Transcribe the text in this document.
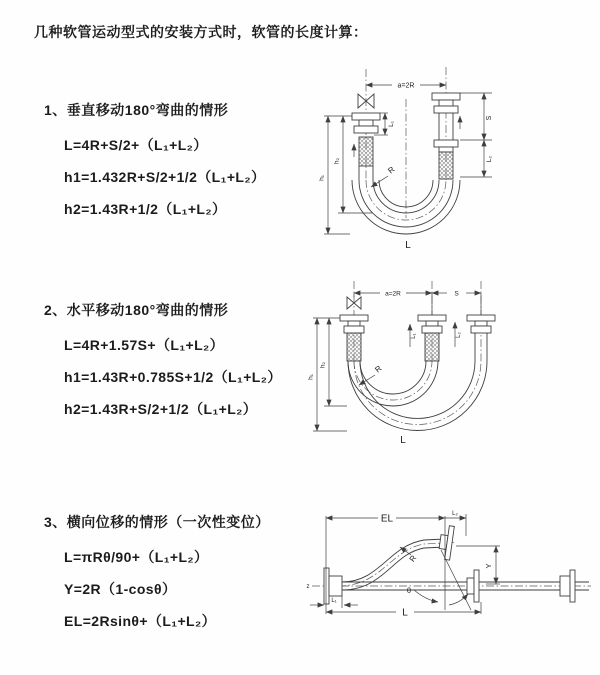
几种软管运动型式的安装方式时，软管的长度计算：
1、垂直移动180°弯曲的情形
L=4R+S/2+（L₁+L₂）
h1=1.432R+S/2+1/2（L₁+L₂）
h2=1.43R+1/2（L₁+L₂）
2、水平移动180°弯曲的情形
L=4R+1.57S+（L₁+L₂）
h1=1.43R+0.785S+1/2（L₁+L₂）
h2=1.43R+S/2+1/2（L₁+L₂）
3、横向位移的情形（一次性变位）
L=πRθ/90+（L₁+L₂）
Y=2R（1-cosθ）
EL=2Rsinθ+（L₁+L₂）
a=2R
S
L₂
L₁
h₂
h₁
R
L
a=2R	S
L₁	L₂
h₂
h₁
R
L
EL	L₂
Y
R
θ
L
L₁
z
